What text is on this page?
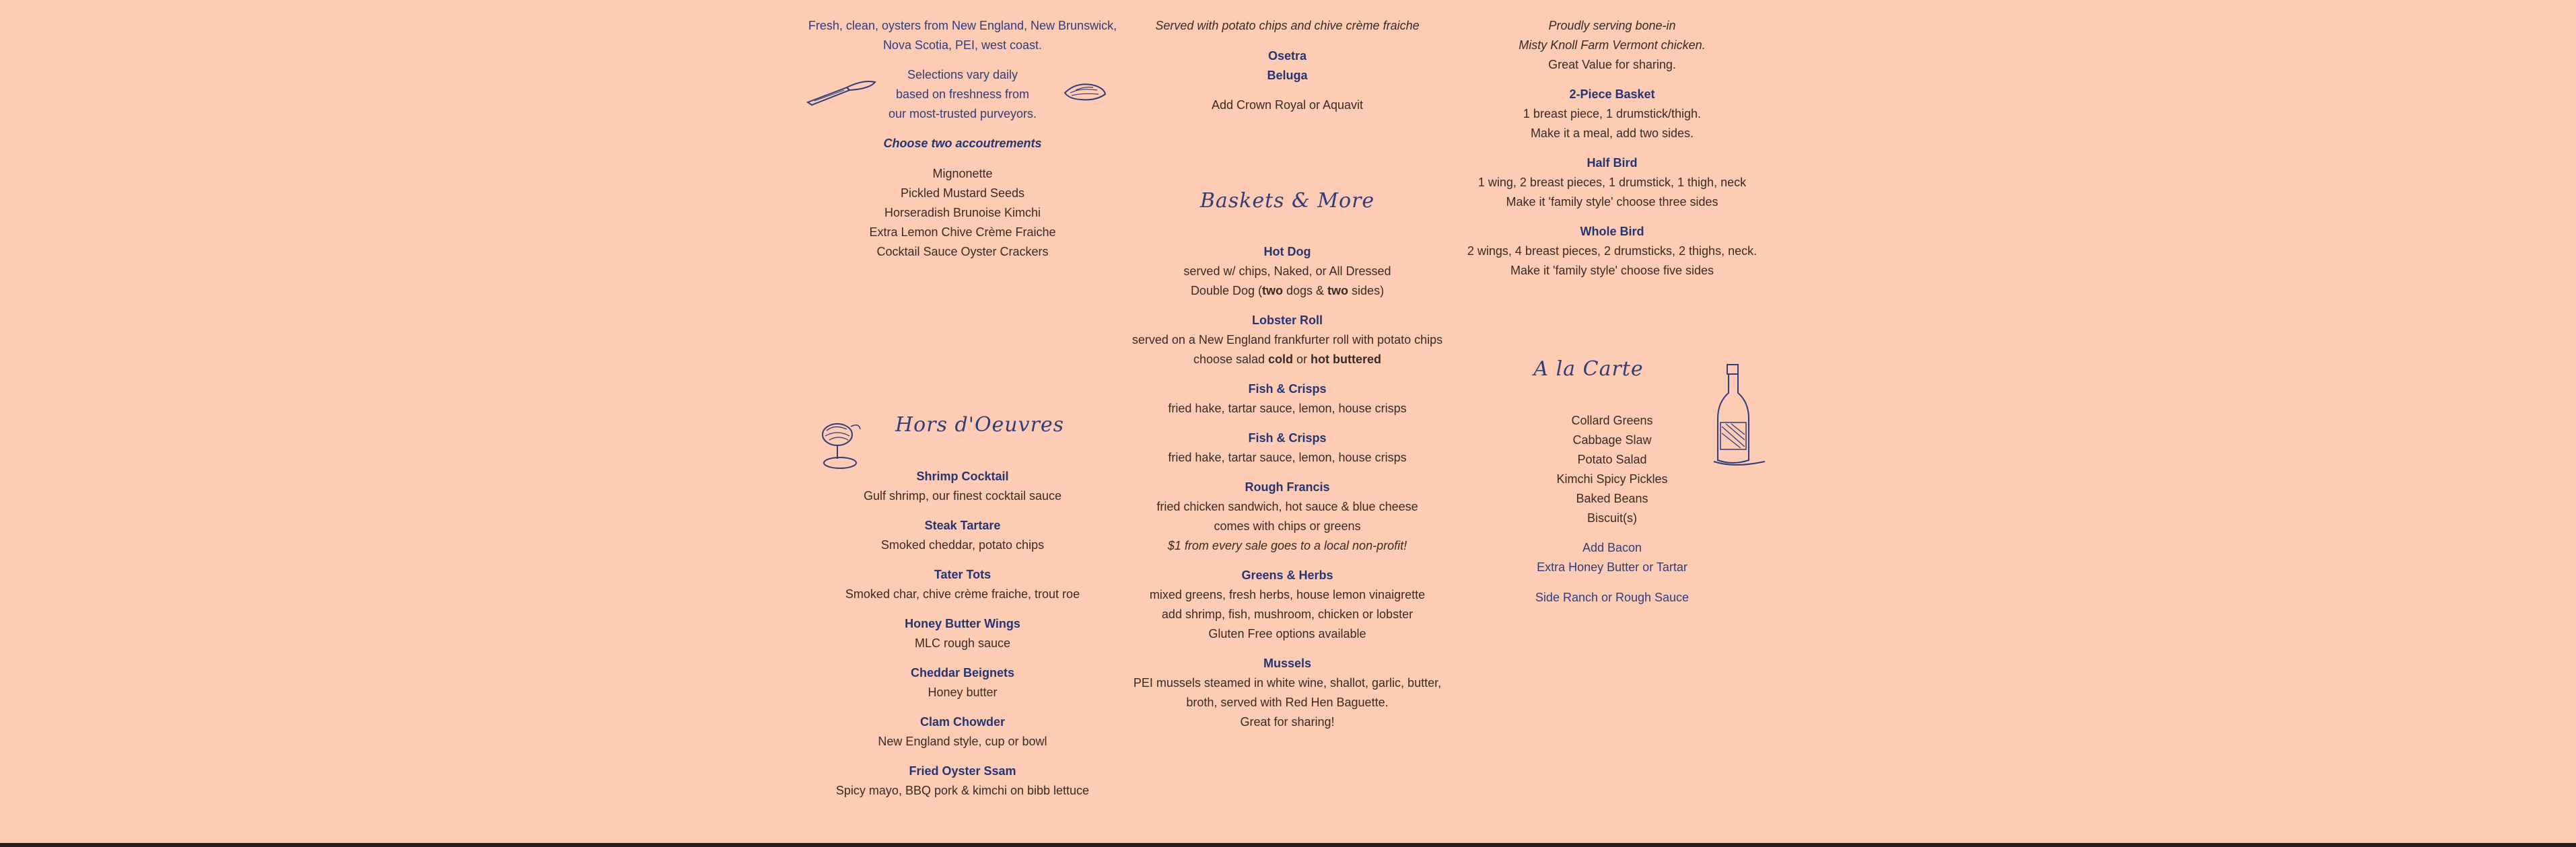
Fresh, clean, oysters from New England, New Brunswick,
Nova Scotia, PEI, west coast.
Selections vary daily
based on freshness from
our most-trusted purveyors.
Choose two accoutrements
Mignonette
Pickled Mustard Seeds
Horseradish Brunoise Kimchi
Extra Lemon Chive Crème Fraiche
Cocktail Sauce Oyster Crackers
Hors d'Oeuvres
Shrimp Cocktail
Gulf shrimp, our finest cocktail sauce
Steak Tartare
Smoked cheddar, potato chips
Tater Tots
Smoked char, chive crème fraiche, trout roe
Honey Butter Wings
MLC rough sauce
Cheddar Beignets
Honey butter
Clam Chowder
New England style, cup or bowl
Fried Oyster Ssam
Spicy mayo, BBQ pork & kimchi on bibb lettuce
Served with potato chips and chive crème fraiche
Osetra
Beluga
Add Crown Royal or Aquavit
Baskets & More
Hot Dog
served w/ chips, Naked, or All Dressed
Double Dog (two dogs & two sides)
Lobster Roll
served on a New England frankfurter roll with potato chips
choose salad cold or hot buttered
Fish & Crisps
fried hake, tartar sauce, lemon, house crisps
Fish & Crisps
fried hake, tartar sauce, lemon, house crisps
Rough Francis
fried chicken sandwich, hot sauce & blue cheese
comes with chips or greens
$1 from every sale goes to a local non-profit!
Greens & Herbs
mixed greens, fresh herbs, house lemon vinaigrette
add shrimp, fish, mushroom, chicken or lobster
Gluten Free options available
Mussels
PEI mussels steamed in white wine, shallot, garlic, butter,
broth, served with Red Hen Baguette.
Great for sharing!
Proudly serving bone-in
Misty Knoll Farm Vermont chicken.
Great Value for sharing.
2-Piece Basket
1 breast piece, 1 drumstick/thigh.
Make it a meal, add two sides.
Half Bird
1 wing, 2 breast pieces, 1 drumstick, 1 thigh, neck
Make it 'family style' choose three sides
Whole Bird
2 wings, 4 breast pieces, 2 drumsticks, 2 thighs, neck.
Make it 'family style' choose five sides
A la Carte
Collard Greens
Cabbage Slaw
Potato Salad
Kimchi Spicy Pickles
Baked Beans
Biscuit(s)
Add Bacon
Extra Honey Butter or Tartar
Side Ranch or Rough Sauce
